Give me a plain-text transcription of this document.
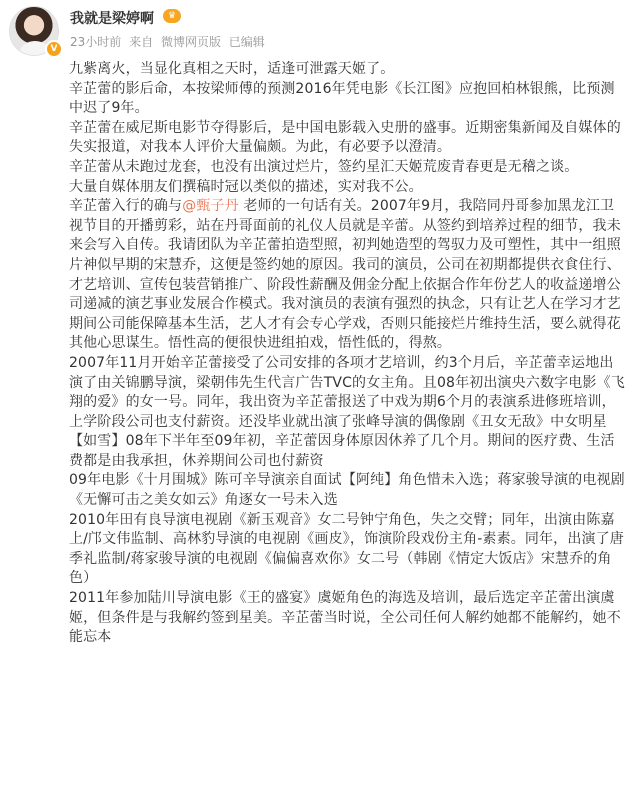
V
我就是梁婷啊	♛
23小时前 来自 微博网页版 已编辑

九紫离火，当显化真相之天时，适逢可泄露天姬了。

辛芷蕾的影后命，本按梁师傅的预测2016年凭电影《长江图》应抱回柏林银熊，比预测中迟了9年。

辛芷蕾在威尼斯电影节夺得影后，是中国电影载入史册的盛事。近期密集新闻及自媒体的失实报道，对我本人评价大量偏颇。为此，有必要予以澄清。

辛芷蕾从未跑过龙套，也没有出演过烂片，签约星汇天姬荒废青春更是无稽之谈。

大量自媒体朋友们撰稿时冠以类似的描述，实对我不公。

辛芷蕾入行的确与@甄子丹 老师的一句话有关。2007年9月，我陪同丹哥参加黑龙江卫视节目的开播剪彩，站在丹哥面前的礼仪人员就是辛蕾。从签约到培养过程的细节，我未来会写入自传。我请团队为辛芷蕾拍造型照，初判她造型的驾驭力及可塑性，其中一组照片神似早期的宋慧乔，这便是签约她的原因。我司的演员，公司在初期都提供衣食住行、才艺培训、宣传包装营销推广、阶段性薪酬及佣金分配上依据合作年份艺人的收益递增公司递减的演艺事业发展合作模式。我对演员的表演有强烈的执念，只有让艺人在学习才艺期间公司能保障基本生活，艺人才有会专心学戏，否则只能接烂片维持生活，要么就得花其他心思谋生。悟性高的便很快进组拍戏，悟性低的，得熬。

2007年11月开始辛芷蕾接受了公司安排的各项才艺培训，约3个月后，辛芷蕾幸运地出演了由关锦鹏导演，梁朝伟先生代言广告TVC的女主角。且08年初出演央六数字电影《飞翔的爱》的女一号。同年，我出资为辛芷蕾报送了中戏为期6个月的表演系进修班培训，上学阶段公司也支付薪资。还没毕业就出演了张峰导演的偶像剧《丑女无敌》中女明星【如雪】08年下半年至09年初，辛芷蕾因身体原因休养了几个月。期间的医疗费、生活费都是由我承担，休养期间公司也付薪资

09年电影《十月围城》陈可辛导演亲自面试【阿纯】角色惜未入选；蒋家骏导演的电视剧《无懈可击之美女如云》角逐女一号未入选

2010年田有良导演电视剧《新玉观音》女二号钟宁角色，失之交臂；同年，出演由陈嘉上/邝文伟监制、高林豹导演的电视剧《画皮》，饰演阶段戏份主角-素素。同年，出演了唐季礼监制/蒋家骏导演的电视剧《偏偏喜欢你》女二号（韩剧《情定大饭店》宋慧乔的角色）

2011年参加陆川导演电影《王的盛宴》虞姬角色的海选及培训，最后选定辛芷蕾出演虞姬，但条件是与我解约签到星美。辛芷蕾当时说，全公司任何人解约她都不能解约，她不能忘本
